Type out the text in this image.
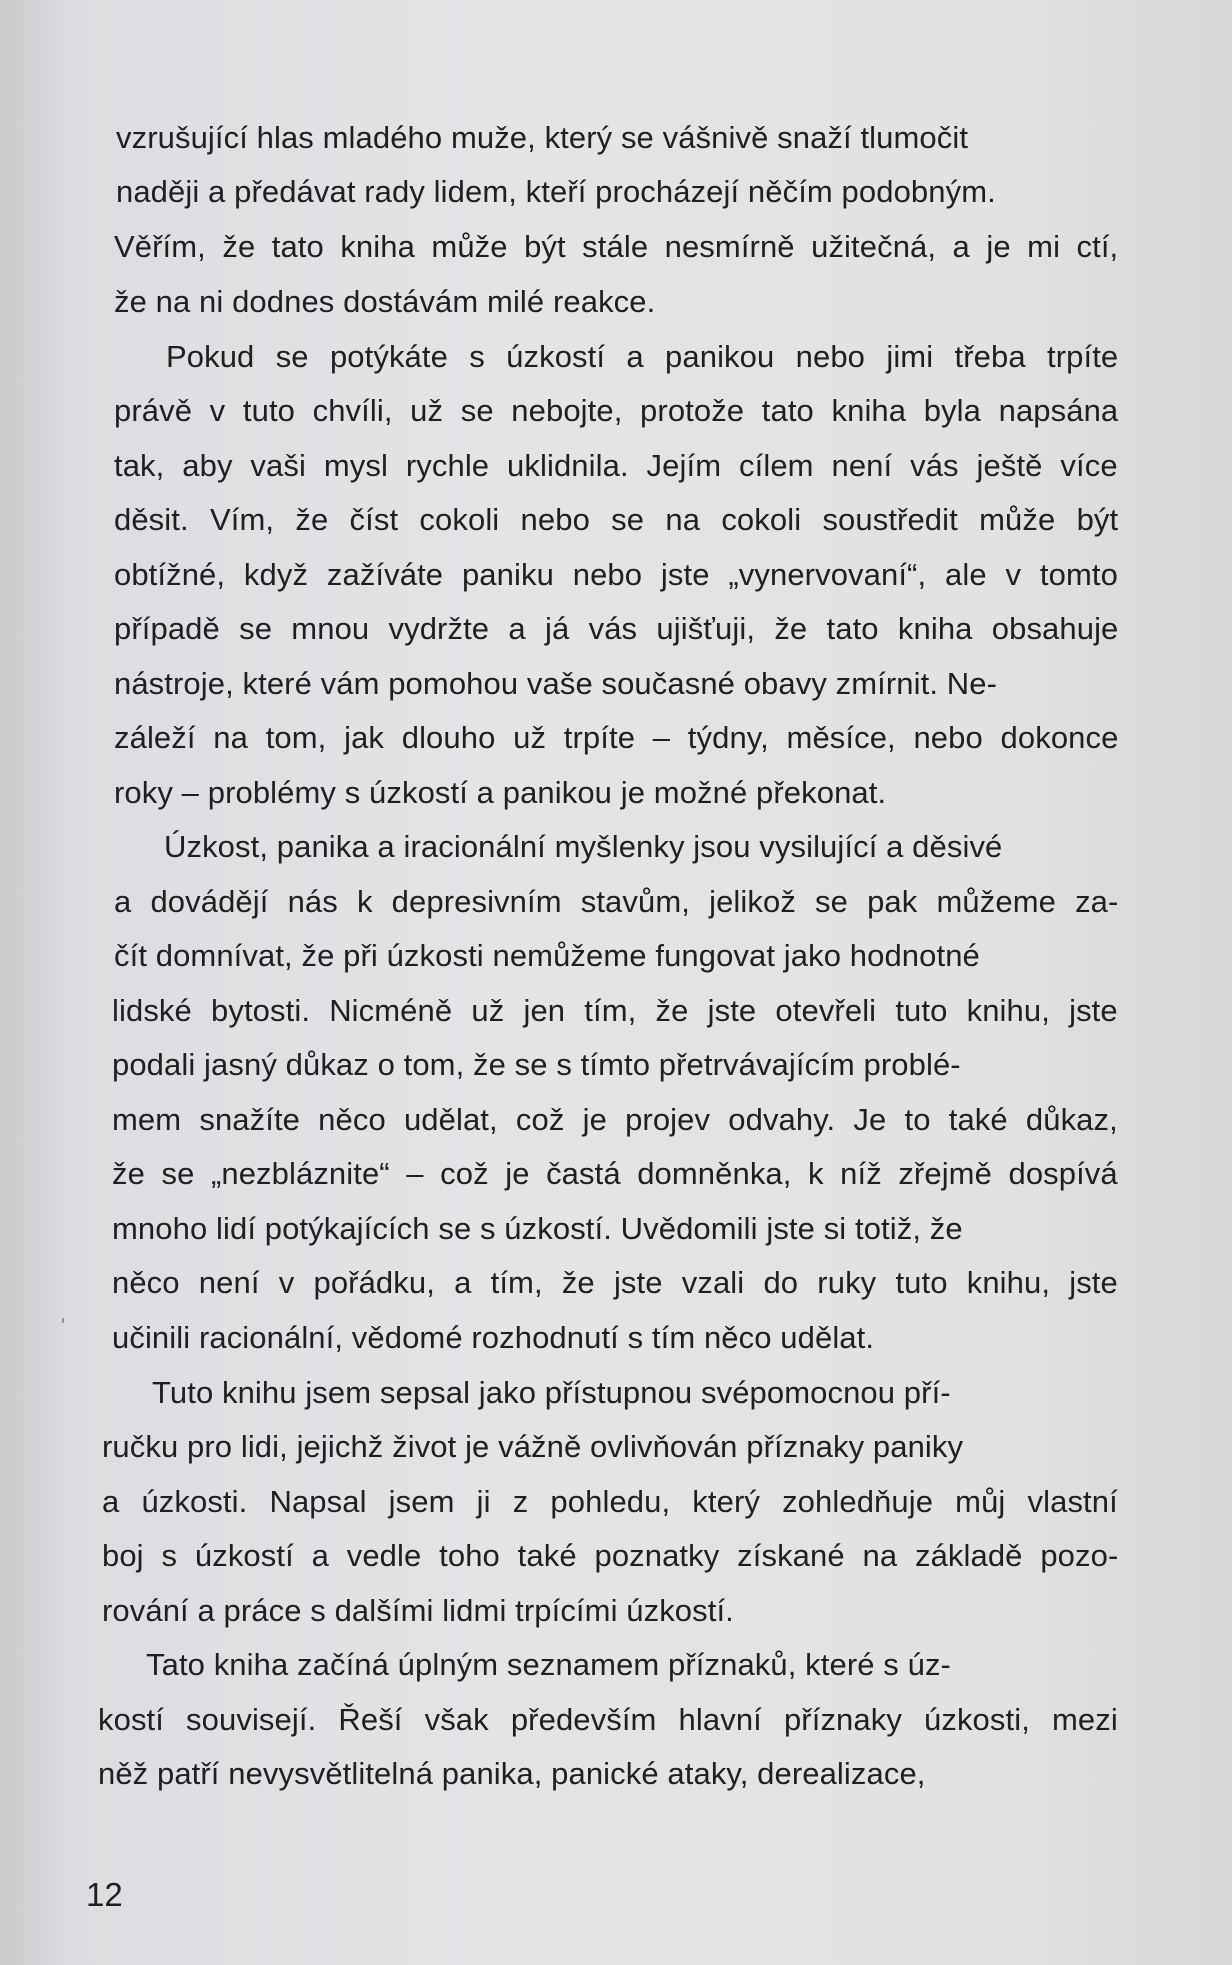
vzrušující hlas mladého muže, který se vášnivě snaží tlumočit
naději a předávat rady lidem, kteří procházejí něčím podobným.
Věřím, že tato kniha může být stále nesmírně užitečná, a je mi ctí,
že na ni dodnes dostávám milé reakce.
Pokud se potýkáte s úzkostí a panikou nebo jimi třeba trpíte
právě v tuto chvíli, už se nebojte, protože tato kniha byla napsána
tak, aby vaši mysl rychle uklidnila. Jejím cílem není vás ještě více
děsit. Vím, že číst cokoli nebo se na cokoli soustředit může být
obtížné, když zažíváte paniku nebo jste „vynervovaní“, ale v tomto
případě se mnou vydržte a já vás ujišťuji, že tato kniha obsahuje
nástroje, které vám pomohou vaše současné obavy zmírnit. Ne-
záleží na tom, jak dlouho už trpíte – týdny, měsíce, nebo dokonce
roky – problémy s úzkostí a panikou je možné překonat.
Úzkost, panika a iracionální myšlenky jsou vysilující a děsivé
a dovádějí nás k depresivním stavům, jelikož se pak můžeme za-
čít domnívat, že při úzkosti nemůžeme fungovat jako hodnotné
lidské bytosti. Nicméně už jen tím, že jste otevřeli tuto knihu, jste
podali jasný důkaz o tom, že se s tímto přetrvávajícím problé-
mem snažíte něco udělat, což je projev odvahy. Je to také důkaz,
že se „nezbláznite“ – což je častá domněnka, k níž zřejmě dospívá
mnoho lidí potýkajících se s úzkostí. Uvědomili jste si totiž, že
něco není v pořádku, a tím, že jste vzali do ruky tuto knihu, jste
učinili racionální, vědomé rozhodnutí s tím něco udělat.
Tuto knihu jsem sepsal jako přístupnou svépomocnou pří-
ručku pro lidi, jejichž život je vážně ovlivňován příznaky paniky
a úzkosti. Napsal jsem ji z pohledu, který zohledňuje můj vlastní
boj s úzkostí a vedle toho také poznatky získané na základě pozo-
rování a práce s dalšími lidmi trpícími úzkostí.
Tato kniha začíná úplným seznamem příznaků, které s úz-
kostí souvisejí. Řeší však především hlavní příznaky úzkosti, mezi
něž patří nevysvětlitelná panika, panické ataky, derealizace,
12
